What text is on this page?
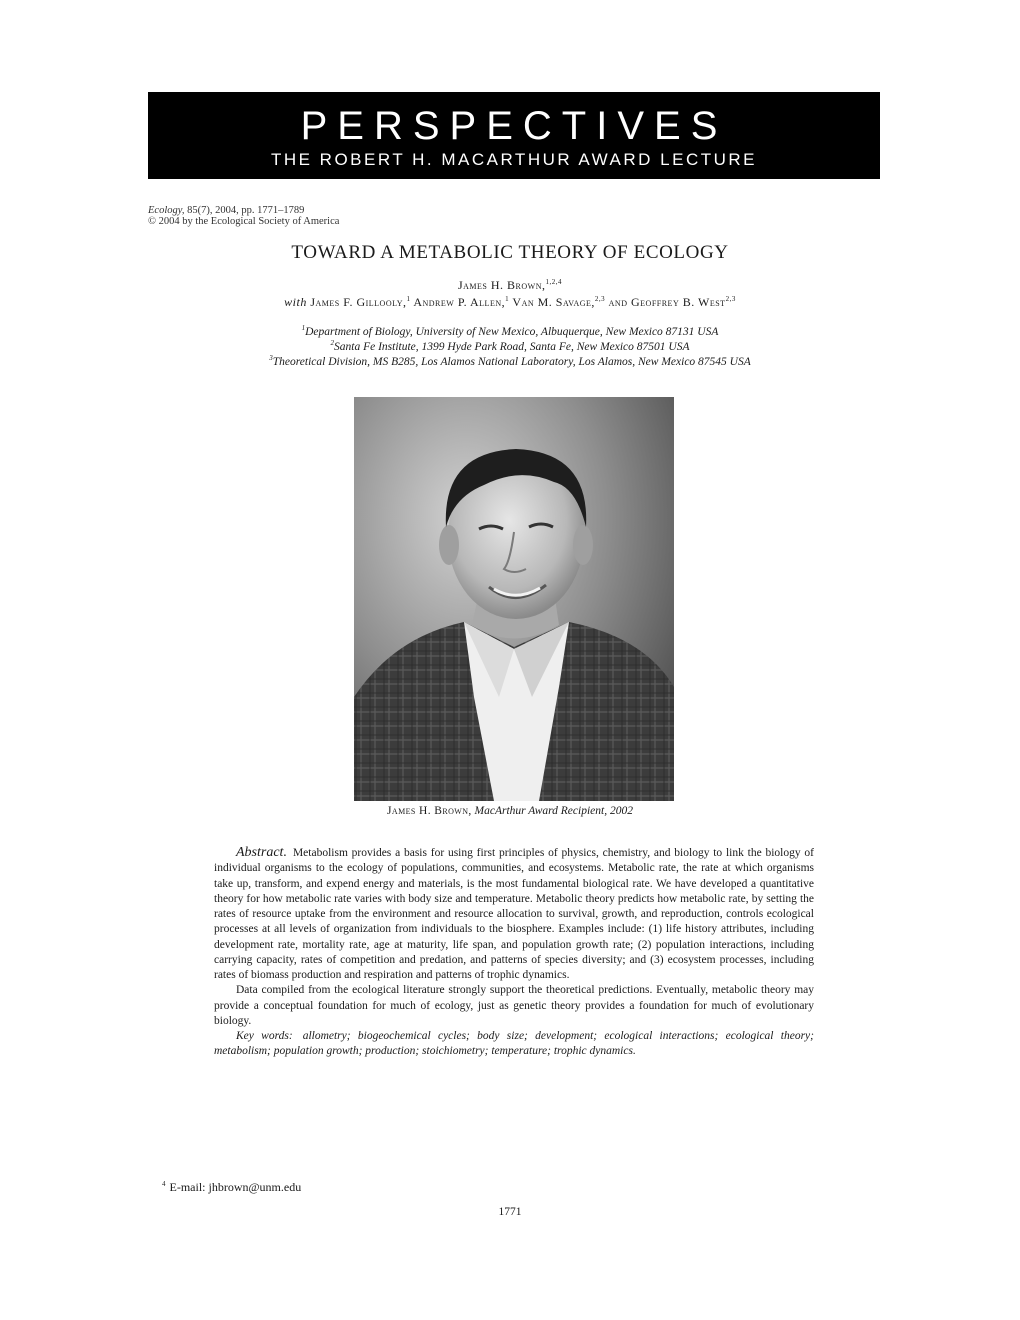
PERSPECTIVES
THE ROBERT H. MACARTHUR AWARD LECTURE
Ecology, 85(7), 2004, pp. 1771–1789
© 2004 by the Ecological Society of America
TOWARD A METABOLIC THEORY OF ECOLOGY
James H. Brown,$^{1,2,4}$
with James F. Gillooly,$^1$ Andrew P. Allen,$^1$ Van M. Savage,$^{2,3}$ and Geoffrey B. West$^{2,3}$
$^1$Department of Biology, University of New Mexico, Albuquerque, New Mexico 87131 USA
$^2$Santa Fe Institute, 1399 Hyde Park Road, Santa Fe, New Mexico 87501 USA
$^3$Theoretical Division, MS B285, Los Alamos National Laboratory, Los Alamos, New Mexico 87545 USA
James H. Brown, MacArthur Award Recipient, 2002

Abstract. Metabolism provides a basis for using first principles of physics, chemistry, and biology to link the biology of individual organisms to the ecology of populations, communities, and ecosystems. Metabolic rate, the rate at which organisms take up, transform, and expend energy and materials, is the most fundamental biological rate. We have developed a quantitative theory for how metabolic rate varies with body size and temperature. Metabolic theory predicts how metabolic rate, by setting the rates of resource uptake from the environment and resource allocation to survival, growth, and reproduction, controls ecological processes at all levels of organization from individuals to the biosphere. Examples include: (1) life history attributes, including development rate, mortality rate, age at maturity, life span, and population growth rate; (2) population interactions, including carrying capacity, rates of competition and predation, and patterns of species diversity; and (3) ecosystem processes, including rates of biomass production and respiration and patterns of trophic dynamics.

Data compiled from the ecological literature strongly support the theoretical predictions. Eventually, metabolic theory may provide a conceptual foundation for much of ecology, just as genetic theory provides a foundation for much of evolutionary biology.

Key words: allometry; biogeochemical cycles; body size; development; ecological interactions; ecological theory; metabolism; population growth; production; stoichiometry; temperature; trophic dynamics.

$^4$ E-mail: jhbrown@unm.edu
1771
